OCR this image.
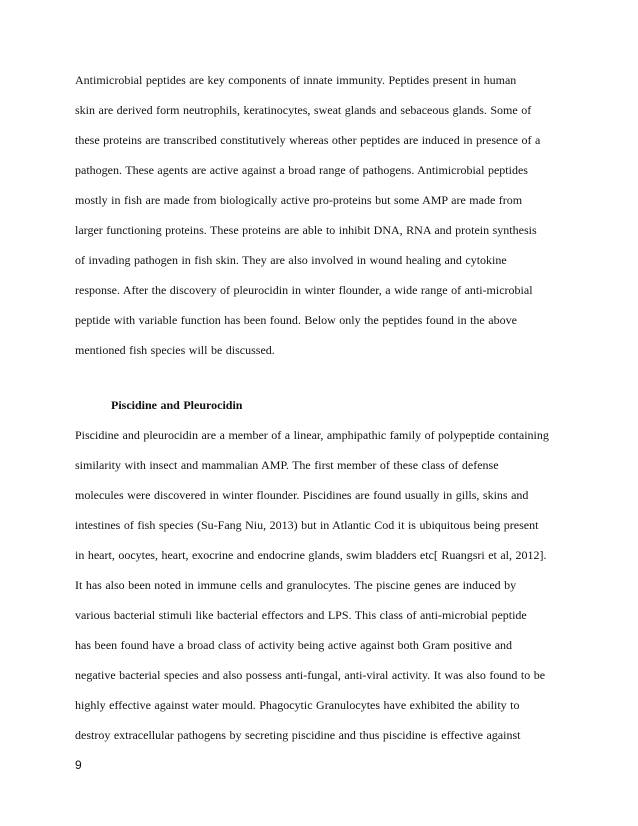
Antimicrobial peptides are key components of innate immunity. Peptides present in human
skin are derived form neutrophils, keratinocytes, sweat glands and sebaceous glands. Some of
these proteins are transcribed constitutively whereas other peptides are induced in presence of a
pathogen. These agents are active against a broad range of pathogens. Antimicrobial peptides
mostly in fish are made from biologically active pro-proteins but some AMP are made from
larger functioning proteins. These proteins are able to inhibit DNA, RNA and protein synthesis
of invading pathogen in fish skin. They are also involved in wound healing and cytokine
response. After the discovery of pleurocidin in winter flounder, a wide range of anti-microbial
peptide with variable function has been found. Below only the peptides found in the above
mentioned fish species will be discussed.
Piscidine and Pleurocidin
Piscidine and pleurocidin are a member of a linear, amphipathic family of polypeptide containing
similarity with insect and mammalian AMP. The first member of these class of defense
molecules were discovered in winter flounder. Piscidines are found usually in gills, skins and
intestines of fish species (Su-Fang Niu, 2013) but in Atlantic Cod it is ubiquitous being present
in heart, oocytes, heart, exocrine and endocrine glands, swim bladders etc[ Ruangsri et al, 2012].
It has also been noted in immune cells and granulocytes. The piscine genes are induced by
various bacterial stimuli like bacterial effectors and LPS. This class of anti-microbial peptide
has been found have a broad class of activity being active against both Gram positive and
negative bacterial species and also possess anti-fungal, anti-viral activity. It was also found to be
highly effective against water mould. Phagocytic Granulocytes have exhibited the ability to
destroy extracellular pathogens by secreting piscidine and thus piscidine is effective against
9
